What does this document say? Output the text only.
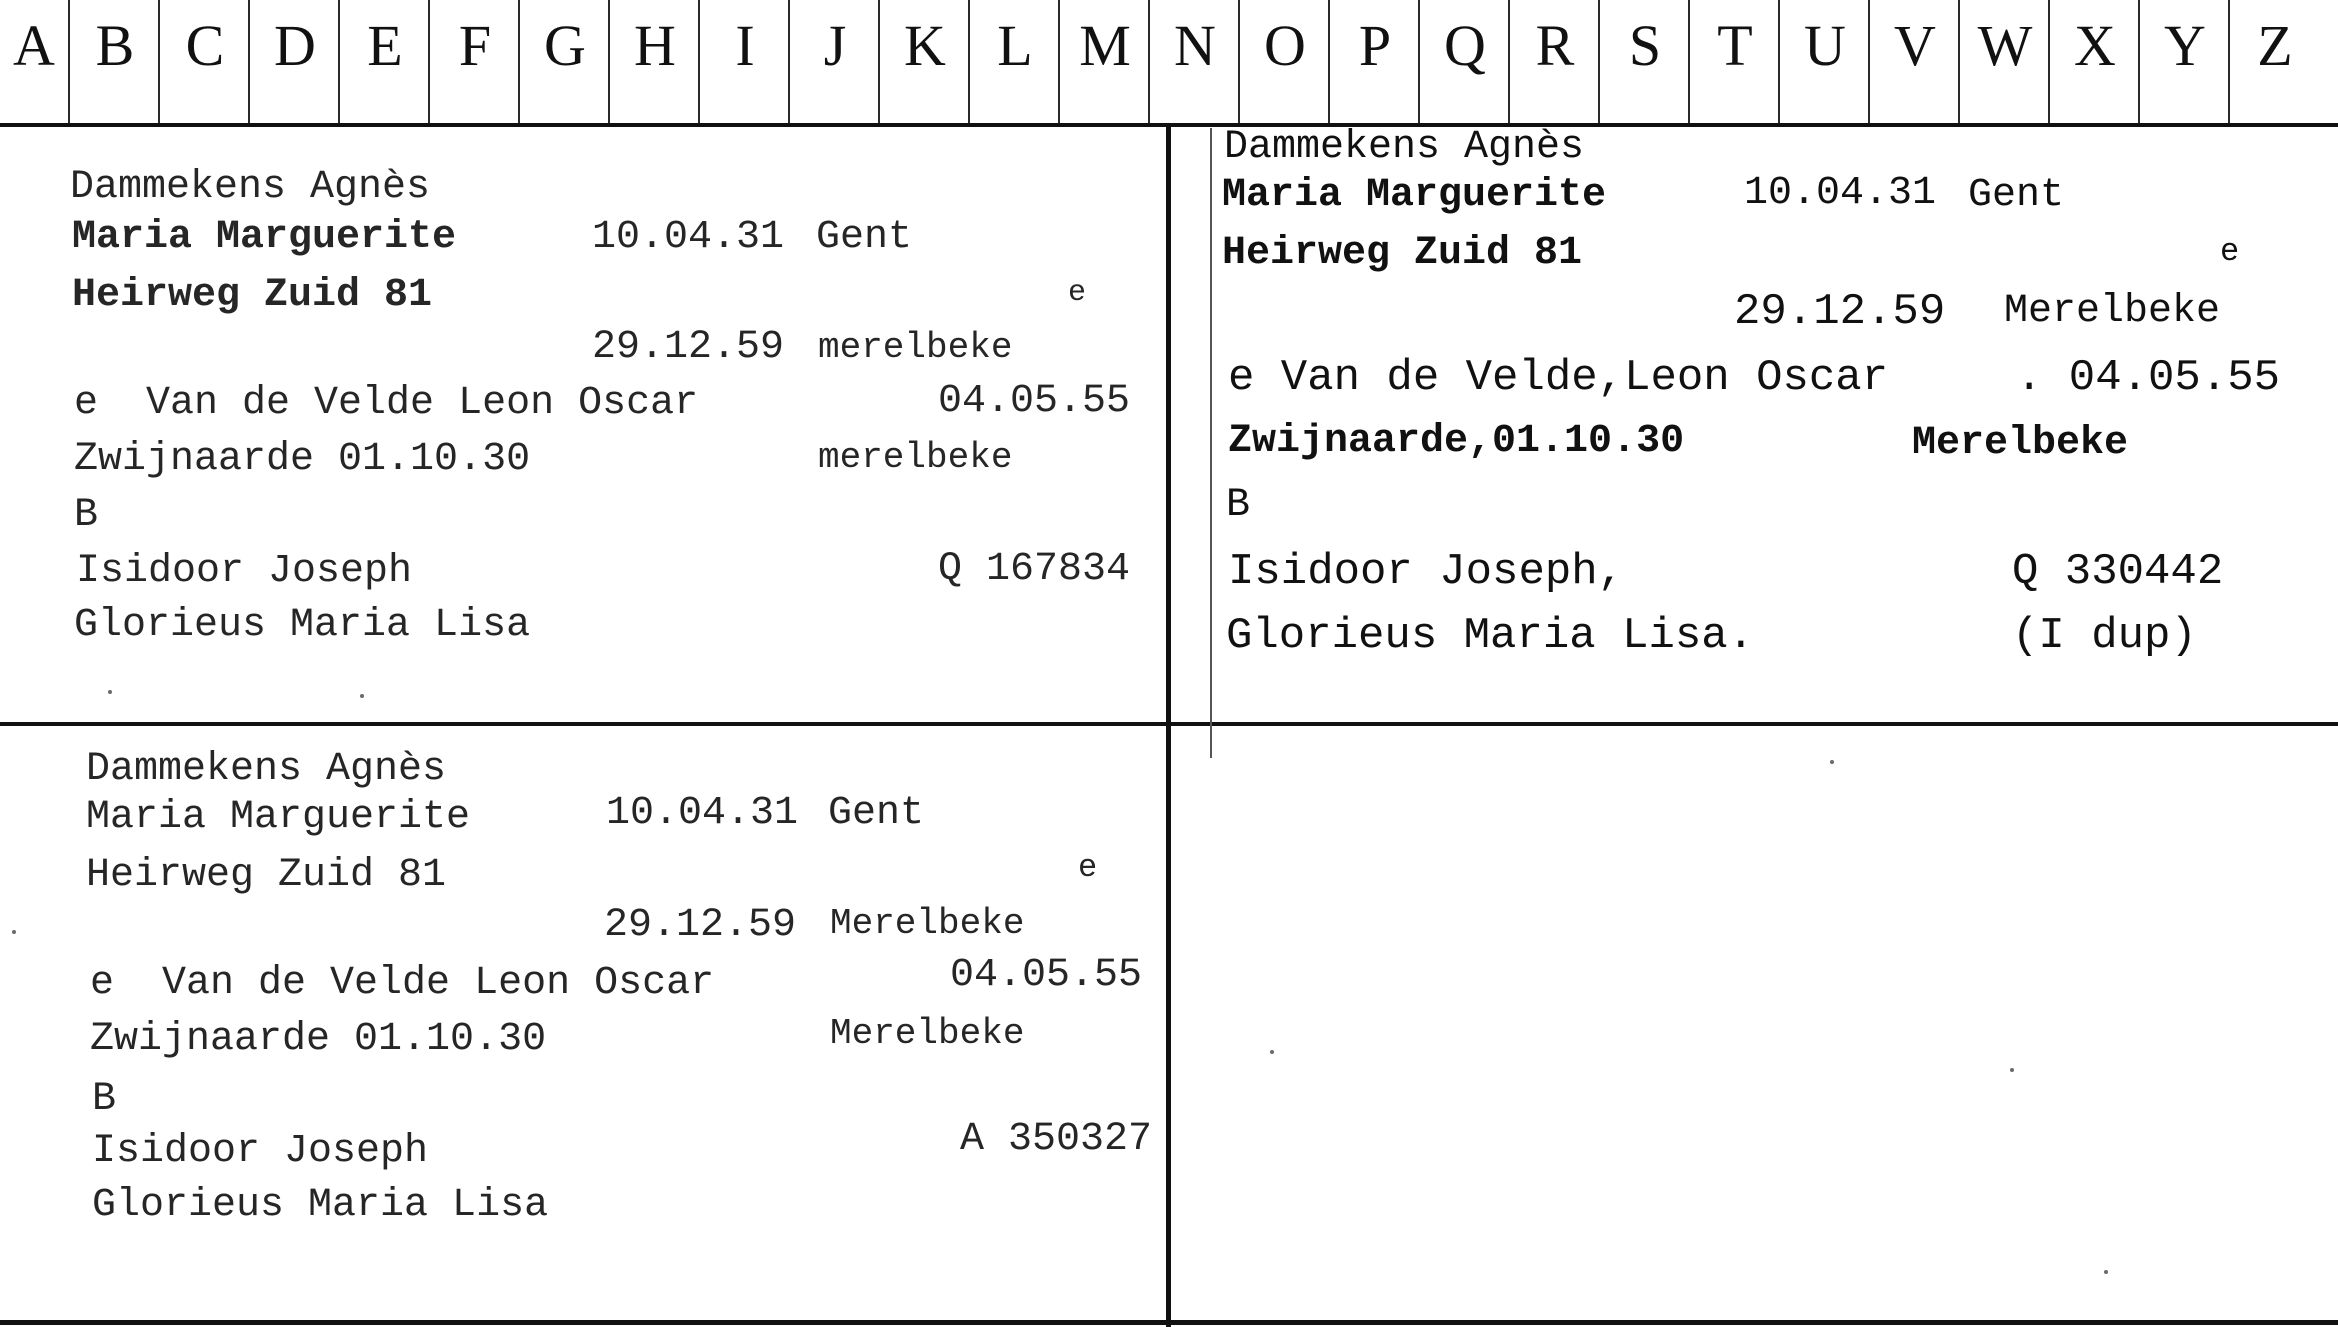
A B C D E F G H	I	J K L M N O P Q R S T U V W X Y Z
Dammekens Agnès
Maria Marguerite	10.04.31 Gent
Heirweg Zuid 81	e
29.12.59 merelbeke
e  Van de Velde Leon Oscar	04.05.55
Zwijnaarde 01.10.30	merelbeke
B
Isidoor Joseph	Q 167834
Glorieus Maria Lisa
Dammekens Agnès
Maria Marguerite	10.04.31 Gent
Heirweg Zuid 81	e
29.12.59 Merelbeke
e Van de Velde,Leon Oscar	. 04.05.55
Zwijnaarde,01.10.30	Merelbeke
B
Isidoor Joseph,	Q 330442
Glorieus Maria Lisa.	(I dup)
Dammekens Agnès
Maria Marguerite	10.04.31 Gent
Heirweg Zuid 81	e
29.12.59 Merelbeke
e  Van de Velde Leon Oscar	04.05.55
Zwijnaarde 01.10.30	Merelbeke
B
Isidoor Joseph	A 350327
Glorieus Maria Lisa
